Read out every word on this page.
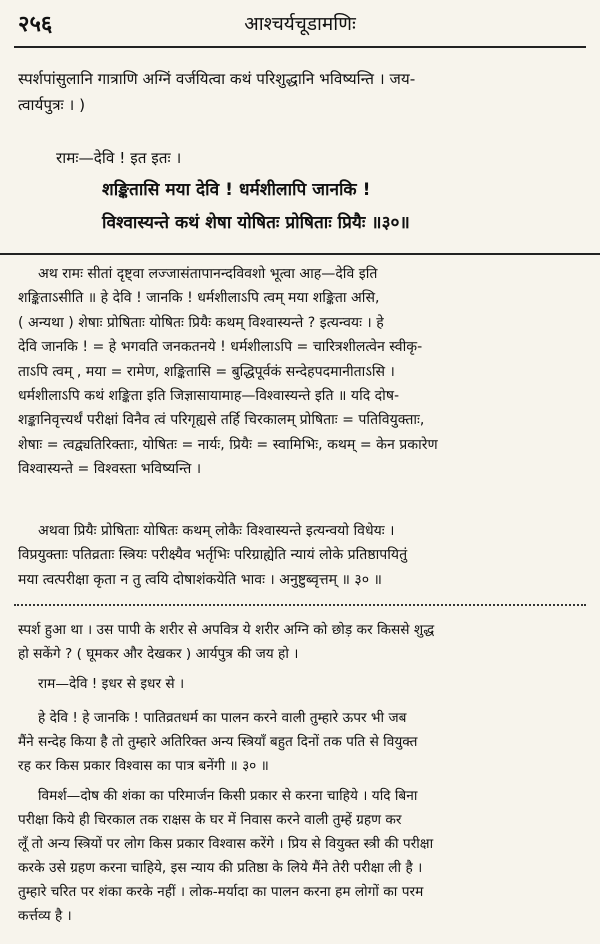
२५६	आश्चर्यचूडामणिः
स्पर्शपांसुलानि गात्राणि अग्निं वर्जयित्वा कथं परिशुद्धानि भविष्यन्ति । जय-
त्वार्यपुत्रः । )
रामः—देवि ! इत इतः ।
शङ्कितासि मया देवि ! धर्मशीलापि जानकि !
विश्वास्यन्ते कथं शेषा योषितः प्रोषिताः प्रियैः ॥३०॥
अथ रामः सीतां दृष्ट्वा लज्जासंतापानन्दविवशो भूत्वा आह—देवि इति
शङ्किताऽसीति ॥ हे देवि ! जानकि ! धर्मशीलाऽपि त्वम् मया शङ्किता असि,
( अन्यथा ) शेषाः प्रोषिताः योषितः प्रियैः कथम् विश्वास्यन्ते ? इत्यन्वयः । हे
देवि जानकि ! = हे भगवति जनकतनये ! धर्मशीलाऽपि = चारित्रशीलत्वेन स्वीकृ-
ताऽपि त्वम् , मया = रामेण, शङ्कितासि = बुद्धिपूर्वकं सन्देहपदमानीताऽसि ।
धर्मशीलाऽपि कथं शङ्किता इति जिज्ञासायामाह—विश्वास्यन्ते इति ॥ यदि दोष-
शङ्कानिवृत्त्यर्थं परीक्षां विनैव त्वं परिगृह्यसे तर्हि चिरकालम् प्रोषिताः = पतिवियुक्ताः,
शेषाः = त्वद्व्यतिरिक्ताः, योषितः = नार्यः, प्रियैः = स्वामिभिः, कथम् = केन प्रकारेण
विश्वास्यन्ते = विश्वस्ता भविष्यन्ति ।
अथवा प्रियैः प्रोषिताः योषितः कथम् लोकैः विश्वास्यन्ते इत्यन्वयो विधेयः ।
विप्रयुक्ताः पतिव्रताः स्त्रियः परीक्ष्यैव भर्तृभिः परिग्राह्येति न्यायं लोके प्रतिष्ठापयितुं
मया त्वत्परीक्षा कृता न तु त्वयि दोषाशंकयेति भावः । अनुष्टुब्वृत्तम् ॥ ३० ॥
स्पर्श हुआ था । उस पापी के शरीर से अपवित्र ये शरीर अग्नि को छोड़ कर किससे शुद्ध
हो सकेंगे ? ( घूमकर और देखकर ) आर्यपुत्र की जय हो ।
राम—देवि ! इधर से इधर से ।
हे देवि ! हे जानकि ! पातिव्रतधर्म का पालन करने वाली तुम्हारे ऊपर भी जब
मैंने सन्देह किया है तो तुम्हारे अतिरिक्त अन्य स्त्रियाँ बहुत दिनों तक पति से वियुक्त
रह कर किस प्रकार विश्वास का पात्र बनेंगी ॥ ३० ॥
विमर्श—दोष की शंका का परिमार्जन किसी प्रकार से करना चाहिये । यदि बिना
परीक्षा किये ही चिरकाल तक राक्षस के घर में निवास करने वाली तुम्हें ग्रहण कर
लूँ तो अन्य स्त्रियों पर लोग किस प्रकार विश्वास करेंगे । प्रिय से वियुक्त स्त्री की परीक्षा
करके उसे ग्रहण करना चाहिये, इस न्याय की प्रतिष्ठा के लिये मैंने तेरी परीक्षा ली है ।
तुम्हारे चरित पर शंका करके नहीं । लोक-मर्यादा का पालन करना हम लोगों का परम
कर्त्तव्य है ।
